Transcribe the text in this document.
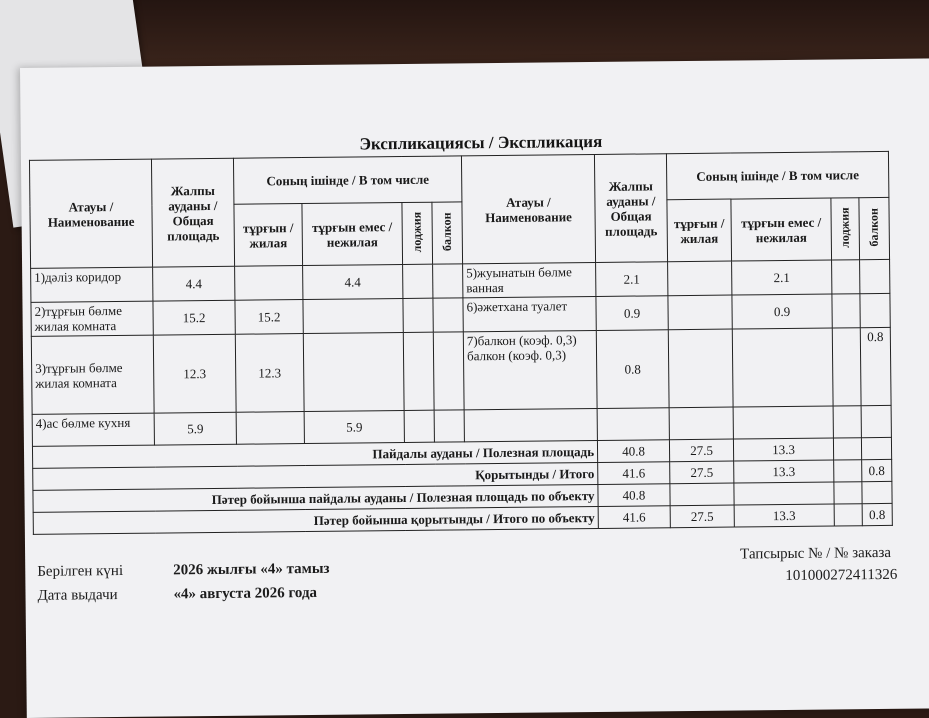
Экспликациясы / Экспликация
Атауы / Наименование	Жалпы ауданы / Общая площадь	Соның ішінде / В том числе				Атауы / Наименование	Жалпы ауданы / Общая площадь	Соның ішінде / В том числе			
		тұрғын / жилая	тұрғын емес / нежилая	лоджия	балкон			тұрғын / жилая	тұрғын емес / нежилая	лоджия	балкон
1)дәліз коридор	4.4		4.4			5)жуынатын бөлме ванная	2.1		2.1		
2)тұрғын бөлме жилая комната	15.2	15.2				6)әжетхана туалет	0.9		0.9		
3)тұрғын бөлме жилая комната	12.3	12.3				7)балкон (коэф. 0,3) балкон (коэф. 0,3)	0.8				0.8
4)ас бөлме кухня	5.9		5.9								
Пайдалы ауданы / Полезная площадь							40.8	27.5	13.3		
Қорытынды / Итого							41.6	27.5	13.3		0.8
Пәтер бойынша пайдалы ауданы / Полезная площадь по объекту							40.8				
Пәтер бойынша қорытынды / Итого по объекту							41.6	27.5	13.3		0.8
Берілген күні	2026 жылғы «4» тамыз
Дата выдачи	«4» августа 2026 года
Тапсырыс № / № заказа
101000272411326
